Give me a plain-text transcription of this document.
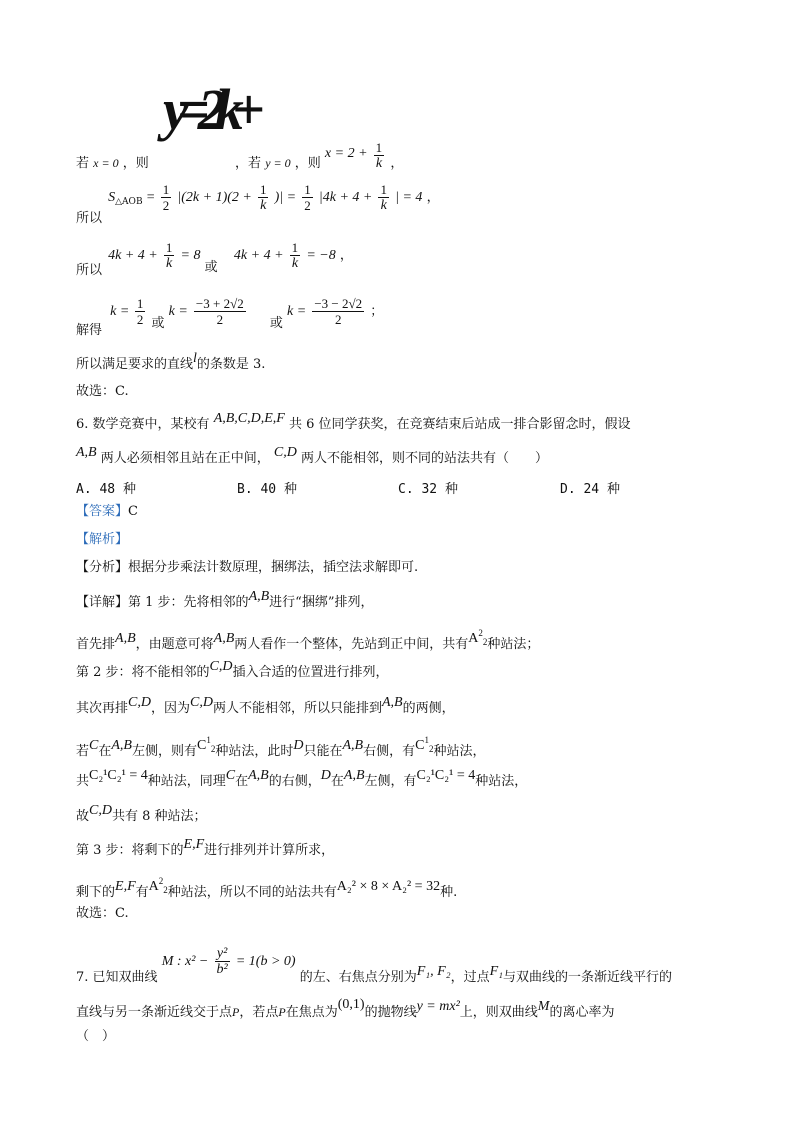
y=2k+
若 x = 0 ，则	，若 y = 0 ，则 $x = 2 + \frac{1}{k}$ ，
所以
$S_{\triangle AOB} = \frac{1}{2} |(2k + 1)(2 + \frac{1}{k}$ )| = $\frac{1}{2} |4k + 4 + \frac{1}{k}$ | = 4 ，
所以
$4k + 4 + \frac{1}{k} = 8$ 或  $4k + 4 + \frac{1}{k} = -8$ ，
解得
$k = \frac{1}{2}$ 或 $k = \frac{-3 + 2√2}{2}$ 或 $k = \frac{-3 - 2√2}{2}$ ；
所以满足要求的直线l的条数是 3.
故选：C.
6. 数学竞赛中，某校有 A,B,C,D,E,F 共 6 位同学获奖，在竞赛结束后站成一排合影留念时，假设
A,B 两人必须相邻且站在正中间， C,D 两人不能相邻，则不同的站法共有（　　）
A. 48 种	B. 40 种	C. 32 种	D. 24 种
【答案】C
【解析】
【分析】根据分步乘法计数原理，捆绑法，插空法求解即可.
【详解】第 1 步：先将相邻的A,B进行“捆绑”排列，
首先排A,B，由题意可将A,B两人看作一个整体，先站到正中间，共有$A^2_2$种站法；
第 2 步：将不能相邻的C,D插入合适的位置进行排列，
其次再排C,D，因为C,D两人不能相邻，所以只能排到A,B的两侧，
若C在A,B左侧，则有$C^1_2$种站法，此时D只能在A,B右侧，有$C^1_2$种站法，
共C₂¹C₂¹ = 4种站法，同理C在A,B的右侧，D在A,B左侧，有C₂¹C₂¹ = 4种站法，
故C,D共有 8 种站法；
第 3 步：将剩下的E,F进行排列并计算所求，
剩下的E,F有$A^2_2$种站法，所以不同的站法共有A₂² × 8 × A₂² = 32种.
故选：C.
7. 已知双曲线 M : $x^2 - \frac{\text{y²}}{\text{b²}} = 1(b > 0)$ 的左、右焦点分别为F₁, F₂，过点F₁与双曲线的一条渐近线平行的
直线与另一条渐近线交于点P，若点P在焦点为(0,1)的抛物线y = mx²上，则双曲线M的离心率为
（　）
